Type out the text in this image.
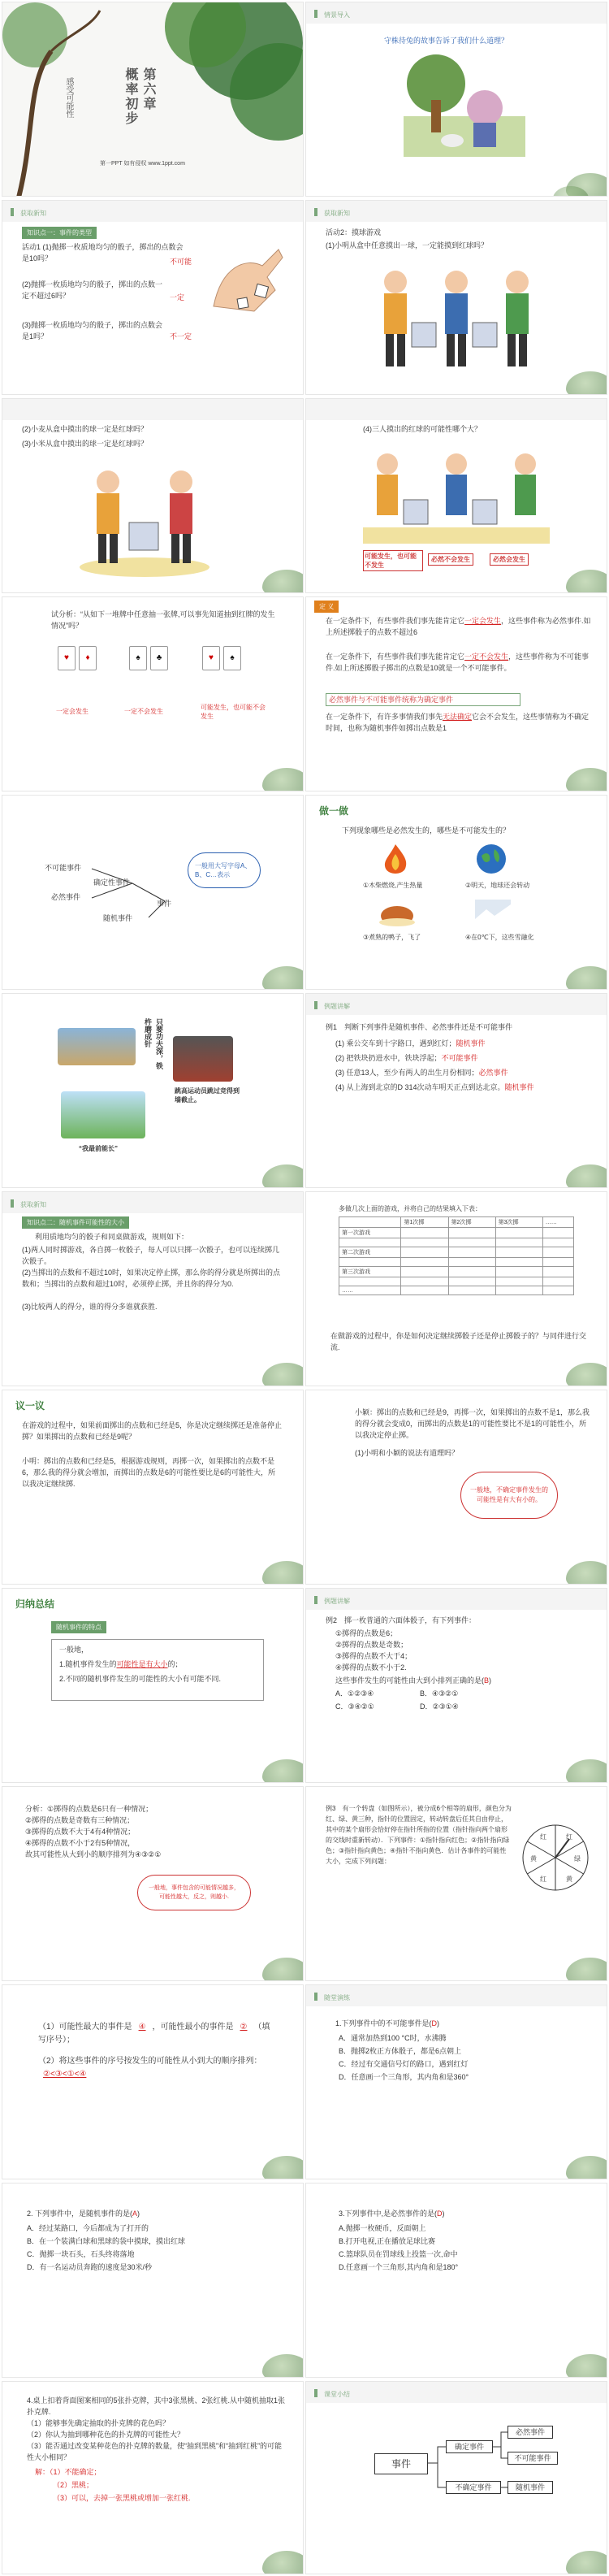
第六章
概率初步
感受可能性
第一PPT 如有侵权 www.1ppt.com
情景导入
守株待兔的故事告诉了我们什么道理？
获取新知
知识点一：事件的类型
活动1 (1)抛掷一枚质地均匀的骰子，掷出的点数会是10吗？	不可能
(2)抛掷一枚质地均匀的骰子，掷出的点数一定不超过6吗？	一定
(3)抛掷一枚质地均匀的骰子，掷出的点数会是1吗？	不一定
获取新知
活动2：摸球游戏
(1)小明从盒中任意摸出一球，一定能摸到红球吗？
(2)小麦从盒中摸出的球一定是红球吗？
(3)小米从盒中摸出的球一定是红球吗？
(4)三人摸出的红球的可能性哪个大？
可能发生，也可能不发生
必然不会发生	必然会发生
试分析：“从如下一堆牌中任意抽一张牌,可以事先知道抽到红牌的发生情况”吗？
♥	♦	♠	♣	♥	♠
一定会发生	一定不会发生
可能发生，也可能不会发生
定 义
在一定条件下，有些事件我们事先能肯定它一定会发生，这些事件称为必然事件.如上所述掷骰子的点数不超过6
在一定条件下，有些事件我们事先能肯定它一定不会发生，这些事件称为不可能事件.如上所述掷骰子掷出的点数是10就是一个不可能事件。
必然事件与不可能事件统称为确定事件
在一定条件下，有许多事情我们事先无法确定它会不会发生，这些事情称为不确定时间，也称为随机事件如掷出点数是1
不可能事件
确定性事件
必然事件
事件
随机事件
一般用大写字母A、B、C…表示
做一做
下列现象哪些是必然发生的，哪些是不可能发生的？
①木柴燃烧,产生热量	②明天，地球还会转动
③煮熟的鸭子，飞了	④在0℃下，这些雪融化
只要功夫深，铁杵磨成针
跳高运动员跳过竞得到墙截止。
“我最前能长”
例题讲解
例1　判断下列事件是随机事件、必然事件还是不可能事件
(1) 乘公交车到十字路口，遇到红灯；随机事件
(2) 把铁块扔进水中，铁块浮起；不可能事件
(3) 任意13人，至少有两人的出生月份相同；必然事件
(4) 从上海到北京的D 314次动车明天正点到达北京。随机事件
获取新知
知识点二：随机事件可能性的大小
利用质地均匀的骰子和同桌做游戏，规则如下：
(1)两人同时掷游戏，各自掷一枚骰子，每人可以只掷一次骰子，也可以连续掷几次骰子。
(2)当掷出的点数和不超过10时，如果决定停止掷，那么你的得分就是所掷出的点数和；当掷出的点数和超过10时，必须停止掷，并且你的得分为0.
(3)比较两人的得分，谁的得分多谁就获胜.
多做几次上面的游戏，并将自己的结果填入下表：
	第1次掷	第2次掷	第3次掷	……
第一次游戏				

第二次游戏				

第三次游戏				

……				
在做游戏的过程中，你是如何决定继续掷骰子还是停止掷骰子的？与同伴进行交流.
议一议
在游戏的过程中，如果前面掷出的点数和已经是5，你是决定继续掷还是准备停止掷？如果掷出的点数和已经是9呢？
小明：掷出的点数和已经是5，根据游戏规则，再掷一次，如果掷出的点数不是6，那么我的得分就会增加，而掷出的点数是6的可能性要比是6的可能性大，所以我决定继续掷.
小颖：掷出的点数和已经是9，再掷一次，如果掷出的点数不是1，那么我的得分就会变成0，而掷出的点数是1的可能性要比不是1的可能性小，所以我决定停止掷。
(1)小明和小颖的说法有道理吗？
一般地，不确定事件发生的可能性是有大有小的。
归纳总结
随机事件的特点
一般地，
1.随机事件发生的可能性是有大小的；
2.不同的随机事件发生的可能性的大小有可能不同.
例题讲解
例2　掷一枚普通的六面体骰子，有下列事件：
①掷得的点数是6；
②掷得的点数是奇数；
③掷得的点数不大于4；
④掷得的点数不小于2.
这些事件发生的可能性由大到小排列正确的是(B)
A．①②③④	B．④③②①
C．③④②①	D．②③①④
分析：①掷得的点数是6只有一种情况；
②掷得的点数是奇数有三种情况；
③掷得的点数不大于4有4种情况；
④掷得的点数不小于2有5种情况，
故其可能性从大到小的顺序排列为④③②①
一般地，事件包含的可能情况越多，可能性越大，反之，则越小.
例3　有一个转盘（如图所示），被分成6个相等的扇形，颜色分为红、绿、黄三种，指针的位置固定，转动转盘后任其自由停止，其中的某个扇形会恰好停在指针所指的位置（指针指向两个扇形的交线时重新转动）．下列事件：①指针指向红色；②指针指向绿色；③指针指向黄色；④指针不指向黄色．估计各事件的可能性大小，完成下列问题：
红
绿
黄
红
黄
红
（1）可能性最大的事件是 ④ ，可能性最小的事件是 ② （填写序号）；
（2）将这些事件的序号按发生的可能性从小到大的顺序排列：②<③<①<④
随堂演练
1.下列事件中的不可能事件是(D)
A．通常加热到100 °C时，水沸腾
B．抛掷2枚正方体骰子，都是6点朝上
C．经过有交通信号灯的路口，遇到红灯
D．任意画一个三角形，其内角和是360°
2. 下列事件中，是随机事件的是(A)
A．经过某路口，今后都成为了打开的
B．在一个装满白球和黑球的袋中摸球，摸出红球
C．抛掷一块石头，石头终将落地
D．有一名运动员奔跑的速度是30米/秒
3.下列事件中,是必然事件的是(D)
A.抛掷一枚硬币，反面朝上
B.打开电视,正在播放足球比赛
C.篮球队员在罚球线上投篮一次,命中
D.任意画一个三角形,其内角和是180°
4.桌上扣着背面图案相同的5张扑克牌，其中3张黑桃、2张红桃.从中随机抽取1张扑克牌.
（1）能够事先确定抽取的扑克牌的花色吗？
（2）你认为抽到哪种花色的扑克牌的可能性大？
（3）能否通过改变某种花色的扑克牌的数量，使“抽到黑桃”和“抽到红桃”的可能性大小相同？
解：（1）不能确定；
（2）黑桃；
（3）可以，去掉一张黑桃或增加一张红桃.
课堂小结
事件
确定事件
不确定事件
必然事件
不可能事件
随机事件
